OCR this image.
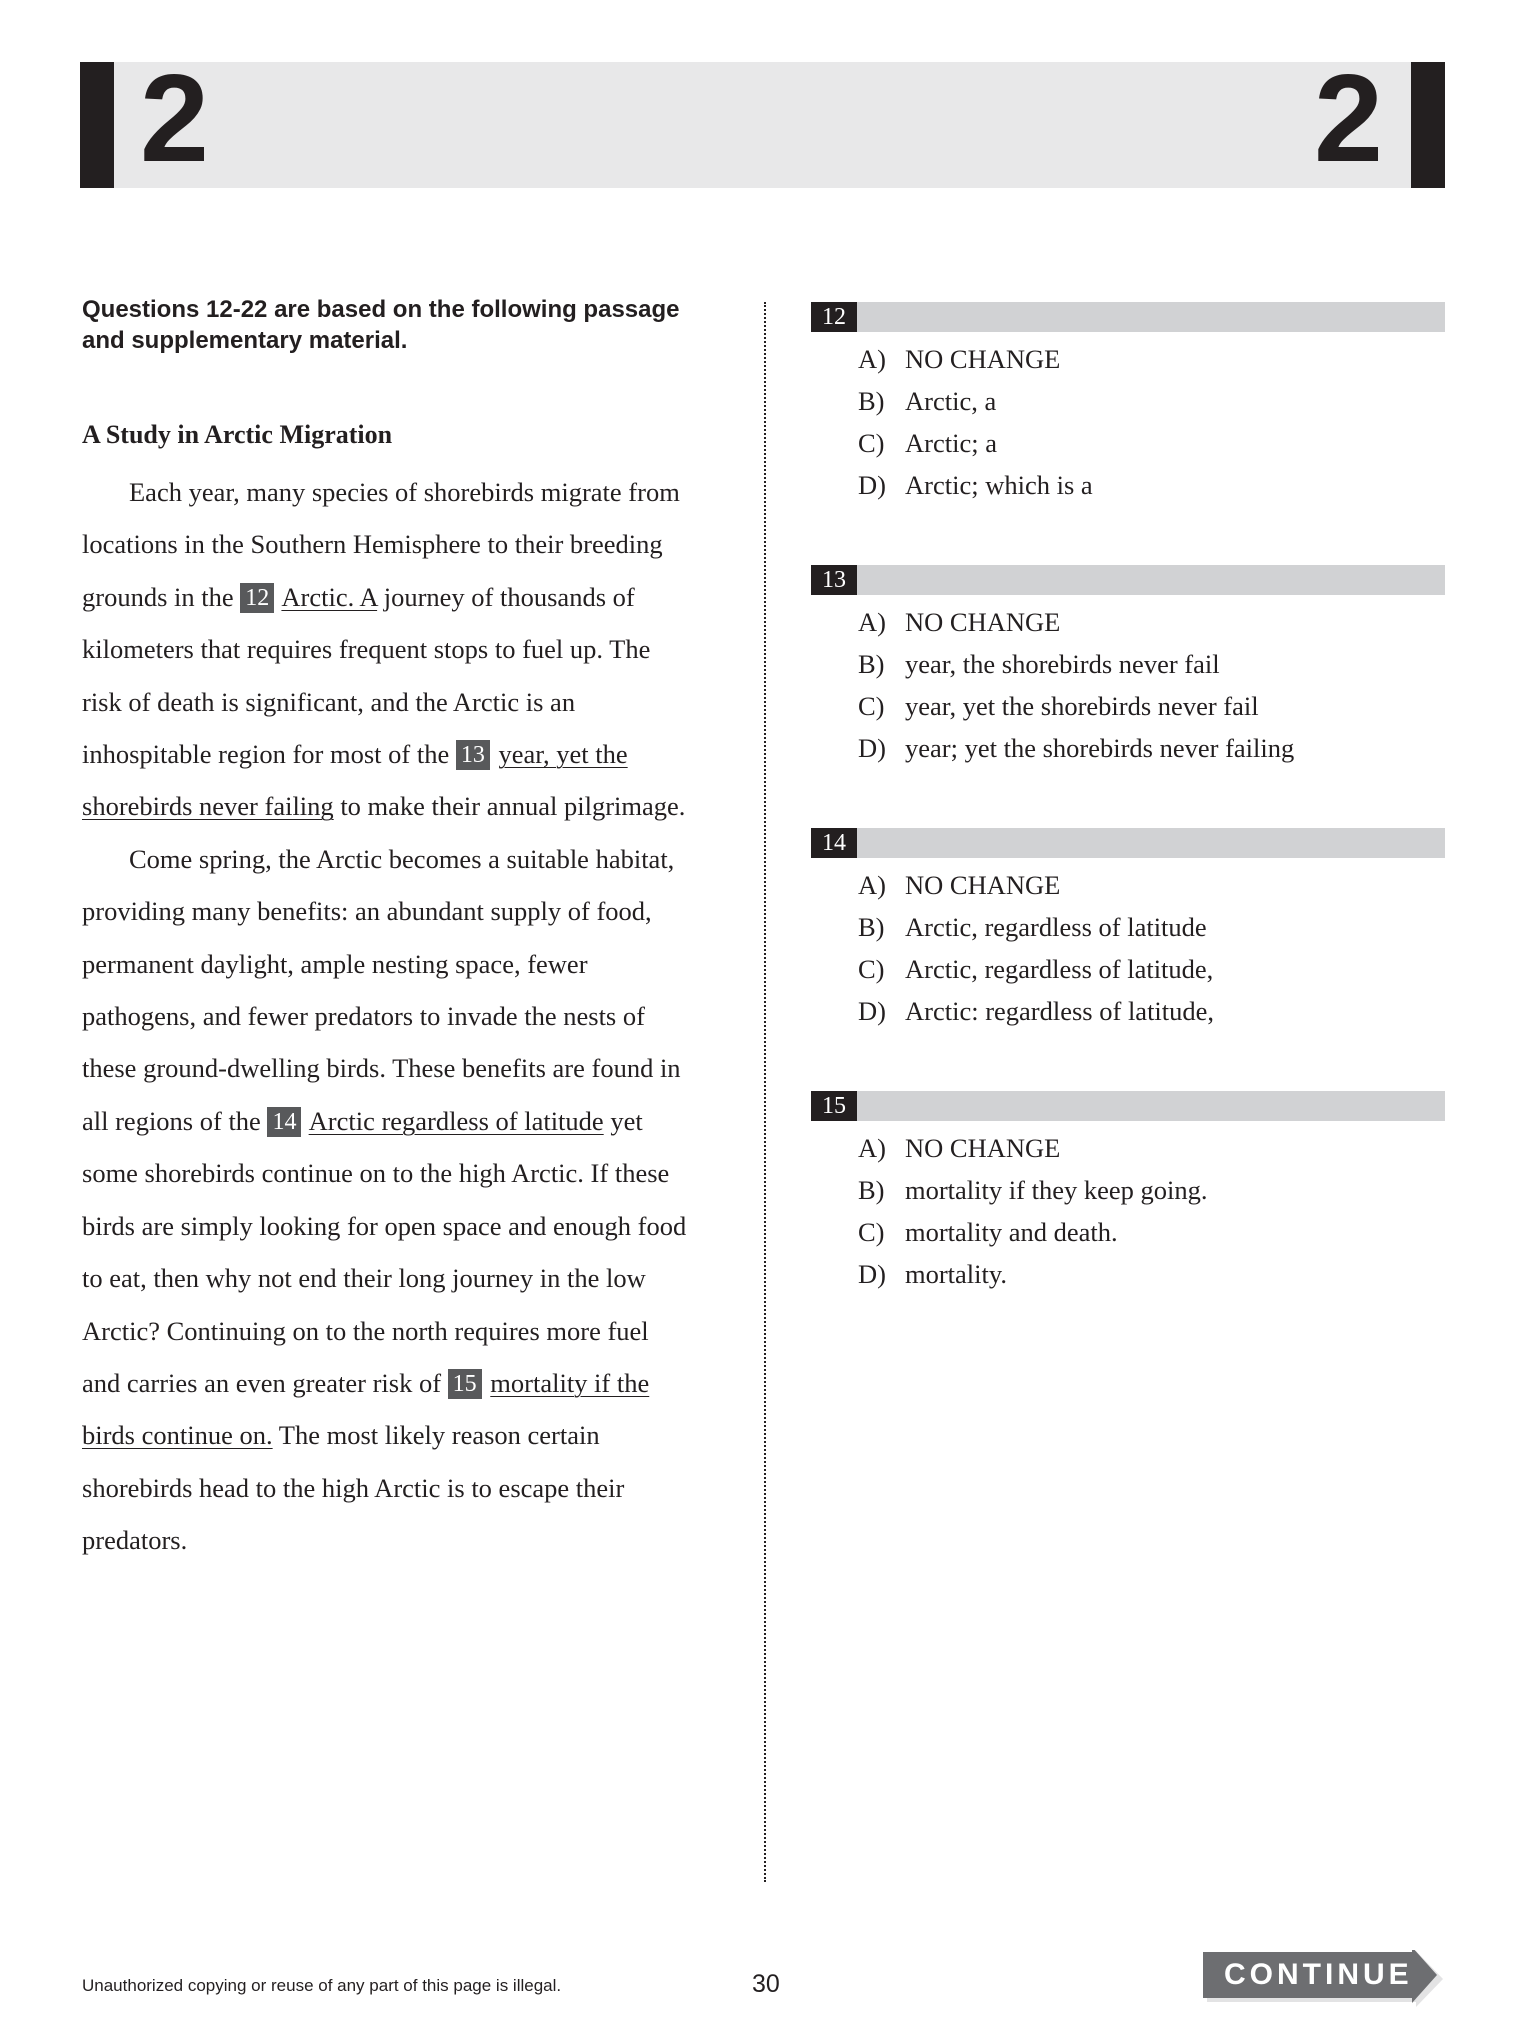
2	2
Questions 12-22 are based on the following passage and supplementary material.
A Study in Arctic Migration

Each year, many species of shorebirds migrate from
locations in the Southern Hemisphere to their breeding
grounds in the 12 Arctic. A journey of thousands of
kilometers that requires frequent stops to fuel up. The
risk of death is significant, and the Arctic is an
inhospitable region for most of the 13 year, yet the
shorebirds never failing to make their annual pilgrimage.

Come spring, the Arctic becomes a suitable habitat,
providing many benefits: an abundant supply of food,
permanent daylight, ample nesting space, fewer
pathogens, and fewer predators to invade the nests of
these ground-dwelling birds. These benefits are found in
all regions of the 14 Arctic regardless of latitude yet
some shorebirds continue on to the high Arctic. If these
birds are simply looking for open space and enough food
to eat, then why not end their long journey in the low
Arctic? Continuing on to the north requires more fuel
and carries an even greater risk of 15 mortality if the
birds continue on. The most likely reason certain
shorebirds head to the high Arctic is to escape their
predators.

12
A) NO CHANGE
B) Arctic, a
C) Arctic; a
D) Arctic; which is a
13
A) NO CHANGE
B) year, the shorebirds never fail
C) year, yet the shorebirds never fail
D) year; yet the shorebirds never failing
14
A) NO CHANGE
B) Arctic, regardless of latitude
C) Arctic, regardless of latitude,
D) Arctic: regardless of latitude,
15
A) NO CHANGE
B) mortality if they keep going.
C) mortality and death.
D) mortality.
Unauthorized copying or reuse of any part of this page is illegal.	30	CONTINUE
